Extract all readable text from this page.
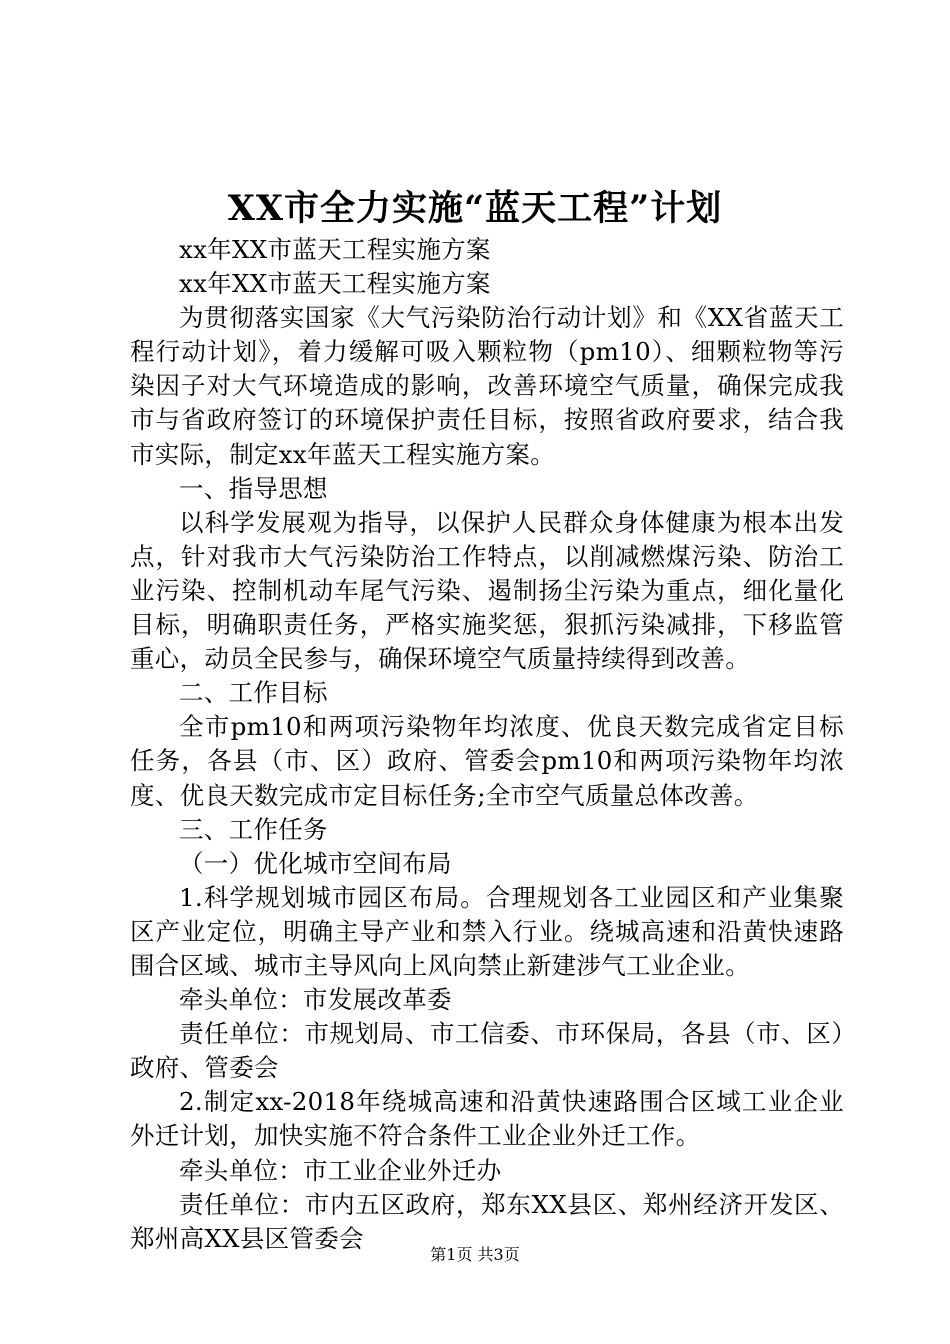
XX市全力实施“蓝天工程”计划

xx年XX市蓝天工程实施方案

xx年XX市蓝天工程实施方案

为贯彻落实国家《大气污染防治行动计划》和《XX省蓝天工程行动计划》，着力缓解可吸入颗粒物（pm10）、细颗粒物等污染因子对大气环境造成的影响，改善环境空气质量，确保完成我市与省政府签订的环境保护责任目标，按照省政府要求，结合我市实际，制定xx年蓝天工程实施方案。

一、指导思想

以科学发展观为指导，以保护人民群众身体健康为根本出发点，针对我市大气污染防治工作特点，以削减燃煤污染、防治工业污染、控制机动车尾气污染、遏制扬尘污染为重点，细化量化目标，明确职责任务，严格实施奖惩，狠抓污染减排，下移监管重心，动员全民参与，确保环境空气质量持续得到改善。

二、工作目标

全市pm10和两项污染物年均浓度、优良天数完成省定目标任务，各县（市、区）政府、管委会pm10和两项污染物年均浓度、优良天数完成市定目标任务;全市空气质量总体改善。

三、工作任务

（一）优化城市空间布局

1.科学规划城市园区布局。合理规划各工业园区和产业集聚区产业定位，明确主导产业和禁入行业。绕城高速和沿黄快速路围合区域、城市主导风向上风向禁止新建涉气工业企业。

牵头单位：市发展改革委

责任单位：市规划局、市工信委、市环保局，各县（市、区）政府、管委会

2.制定xx-2018年绕城高速和沿黄快速路围合区域工业企业外迁计划，加快实施不符合条件工业企业外迁工作。

牵头单位：市工业企业外迁办

责任单位：市内五区政府，郑东XX县区、郑州经济开发区、郑州高XX县区管委会

第1页 共3页
